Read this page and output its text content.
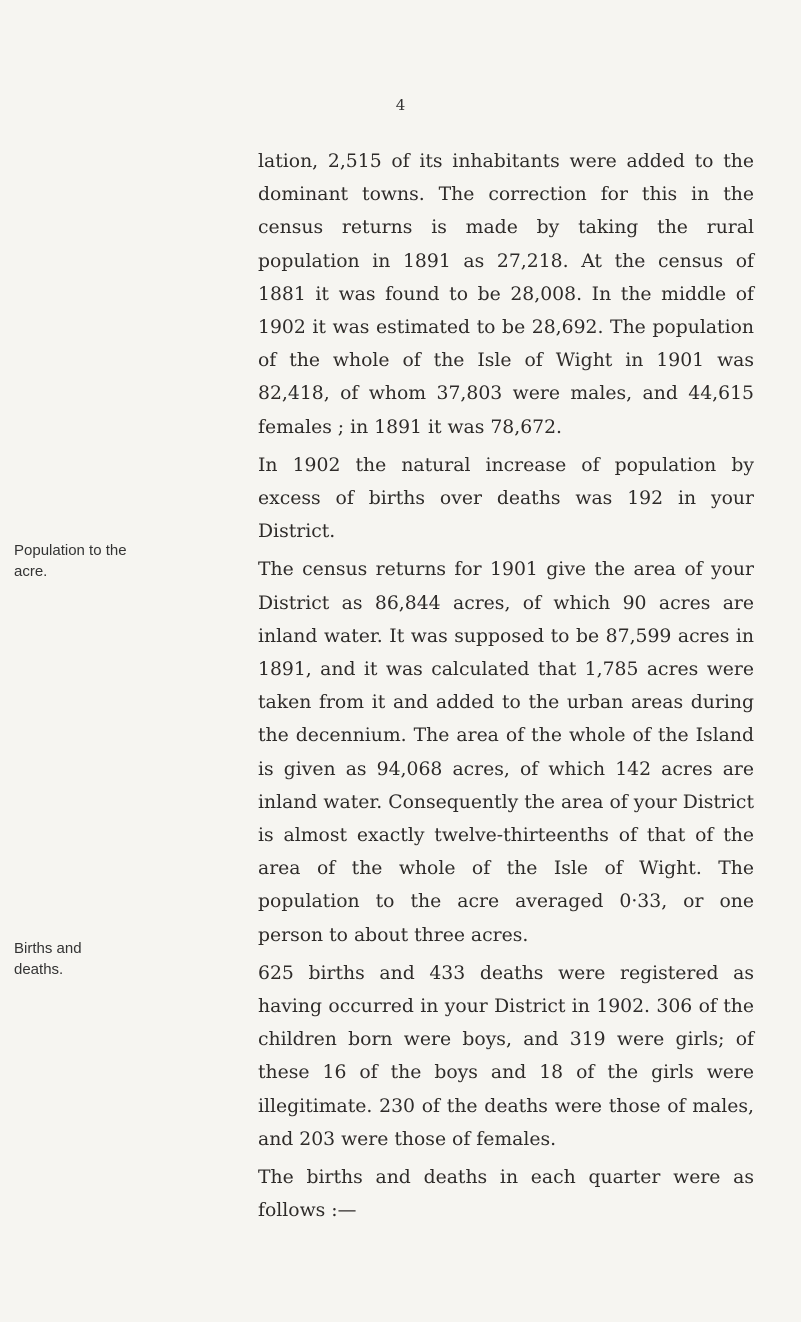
4
Population to the acre.
Births and deaths.

lation, 2,515 of its inhabitants were added to the dominant towns. The correction for this in the census returns is made by taking the rural population in 1891 as 27,218. At the census of 1881 it was found to be 28,008. In the middle of 1902 it was estimated to be 28,692. The population of the whole of the Isle of Wight in 1901 was 82,418, of whom 37,803 were males, and 44,615 females ; in 1891 it was 78,672.

In 1902 the natural increase of population by excess of births over deaths was 192 in your District.

The census returns for 1901 give the area of your District as 86,844 acres, of which 90 acres are inland water. It was supposed to be 87,599 acres in 1891, and it was calculated that 1,785 acres were taken from it and added to the urban areas during the decennium. The area of the whole of the Island is given as 94,068 acres, of which 142 acres are inland water. Consequently the area of your District is almost exactly twelve-thirteenths of that of the area of the whole of the Isle of Wight. The population to the acre averaged 0·33, or one person to about three acres.

625 births and 433 deaths were registered as having occurred in your District in 1902. 306 of the children born were boys, and 319 were girls; of these 16 of the boys and 18 of the girls were illegitimate. 230 of the deaths were those of males, and 203 were those of females.

The births and deaths in each quarter were as follows :—
